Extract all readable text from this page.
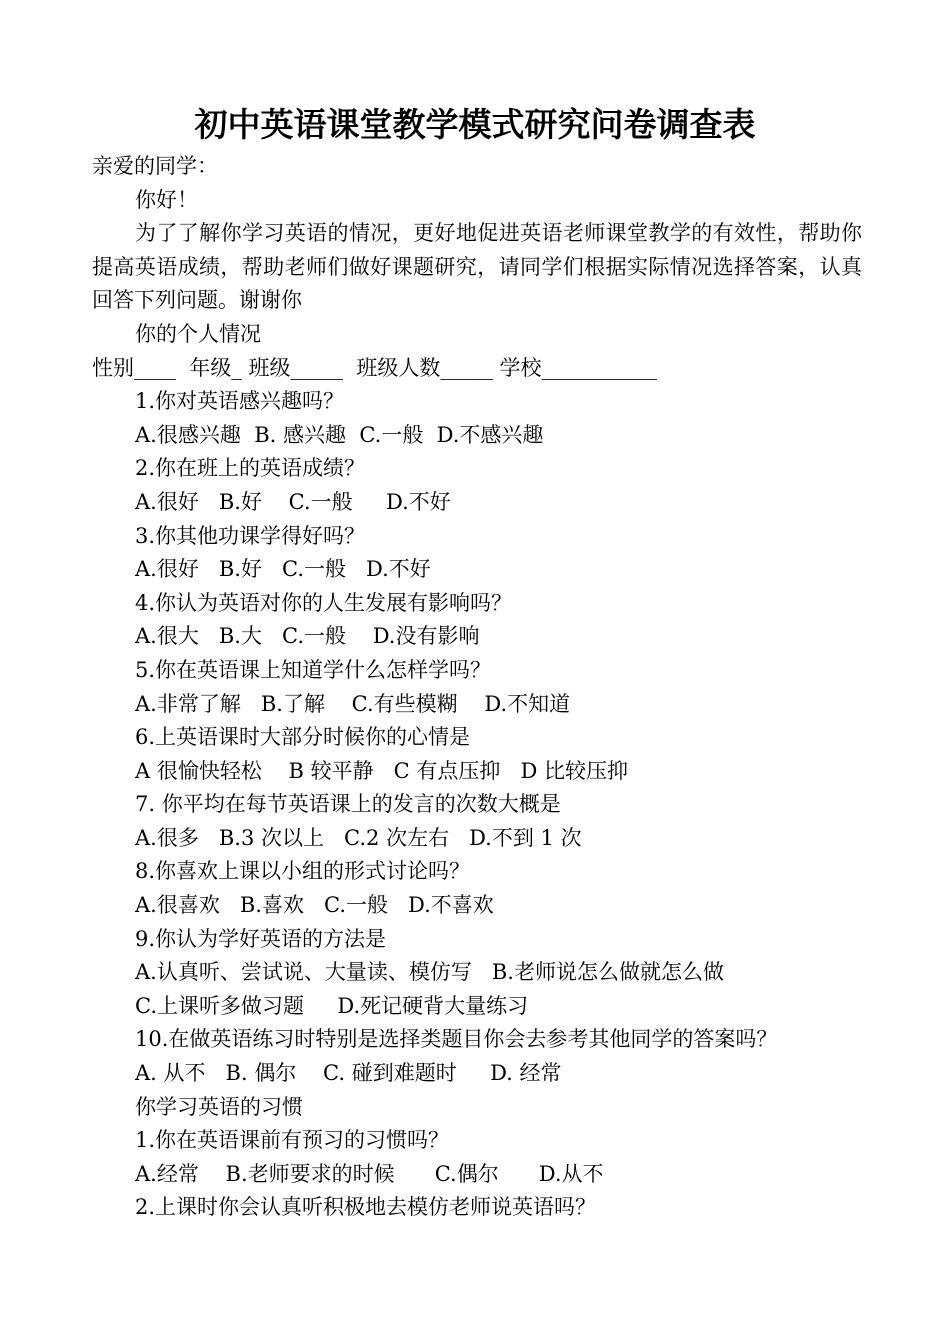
初中英语课堂教学模式研究问卷调查表
亲爱的同学：
你好！
为了了解你学习英语的情况，更好地促进英语老师课堂教学的有效性，帮助你提高英语成绩，帮助老师们做好课题研究，请同学们根据实际情况选择答案，认真回答下列问题。谢谢你
你的个人情况
性别____  年级_ 班级_____  班级人数_____ 学校___________
1.你对英语感兴趣吗？
A.很感兴趣  B. 感兴趣  C.一般  D.不感兴趣
2.你在班上的英语成绩？
A.很好   B.好    C.一般     D.不好
3.你其他功课学得好吗？
A.很好   B.好   C.一般   D.不好
4.你认为英语对你的人生发展有影响吗？
A.很大   B.大   C.一般    D.没有影响
5.你在英语课上知道学什么怎样学吗？
A.非常了解   B.了解    C.有些模糊    D.不知道
6.上英语课时大部分时候你的心情是
A 很愉快轻松    B 较平静   C 有点压抑   D 比较压抑
7. 你平均在每节英语课上的发言的次数大概是
A.很多   B.3 次以上   C.2 次左右   D.不到 1 次
8.你喜欢上课以小组的形式讨论吗？
A.很喜欢   B.喜欢   C.一般   D.不喜欢
9.你认为学好英语的方法是
A.认真听、尝试说、大量读、模仿写   B.老师说怎么做就怎么做
C.上课听多做习题     D.死记硬背大量练习
10.在做英语练习时特别是选择类题目你会去参考其他同学的答案吗？
A. 从不   B. 偶尔    C. 碰到难题时     D. 经常
你学习英语的习惯
1.你在英语课前有预习的习惯吗？
A.经常    B.老师要求的时候      C.偶尔      D.从不
2.上课时你会认真听积极地去模仿老师说英语吗？
